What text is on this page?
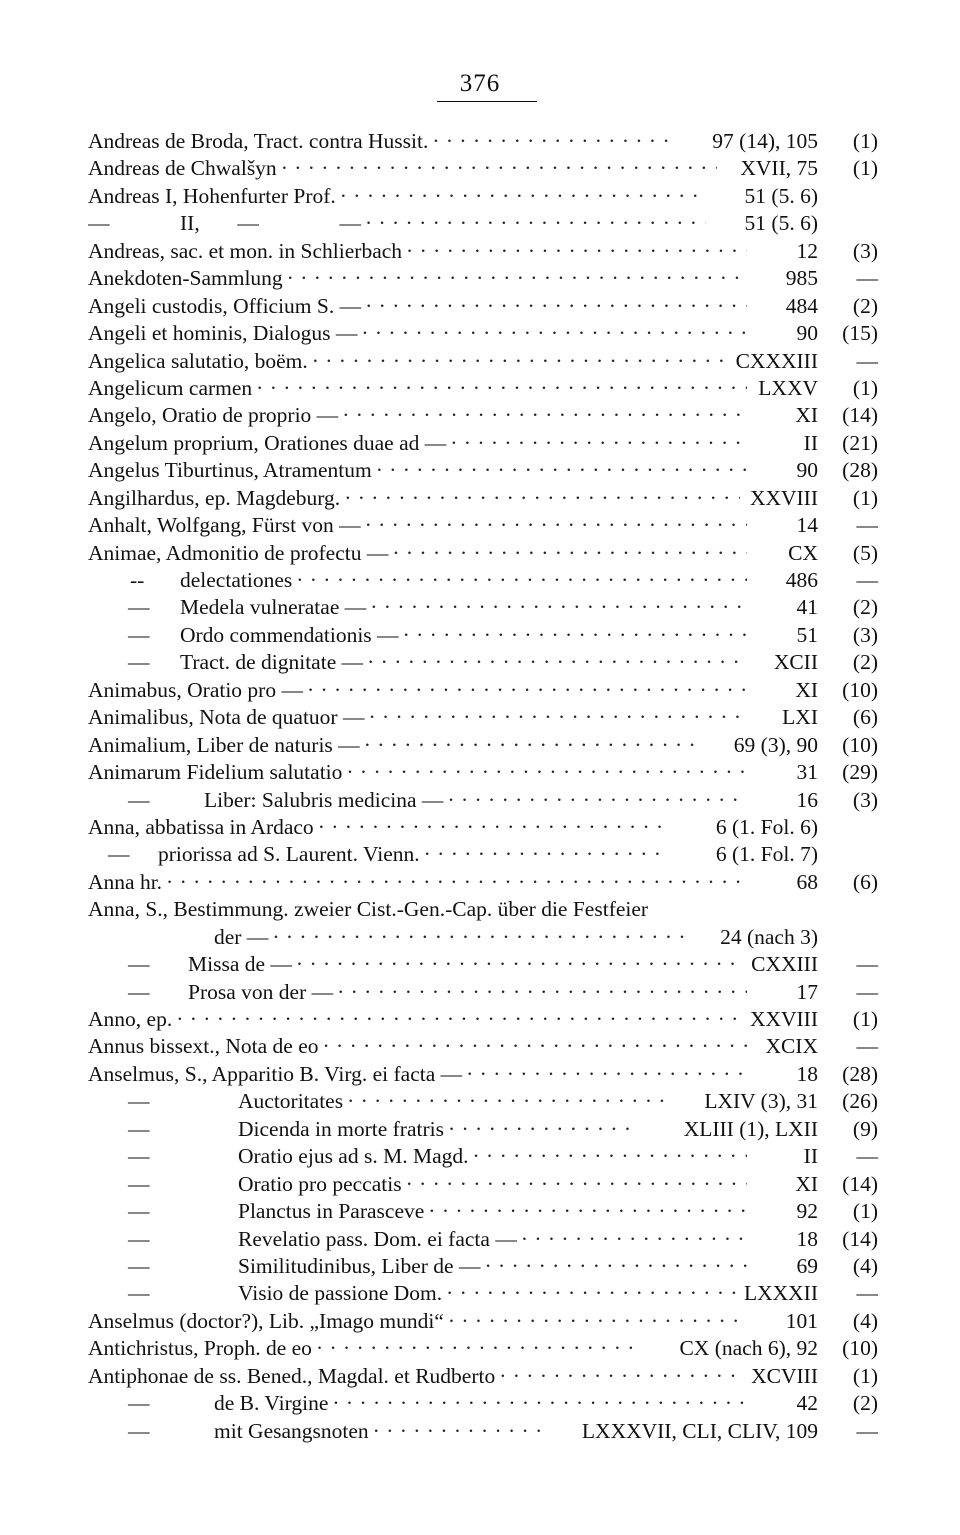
376
Andreas de Broda, Tract. contra Hussit. · · ·	97 (14), 105	(1)
Andreas de Chwalšyn · · ·	XVII, 75	(1)
Andreas I, Hohenfurter Prof. · · ·	51 (5. 6)
—	II,       —               — · · ·	51 (5. 6)
Andreas, sac. et mon. in Schlierbach · · ·	12	(3)
Anekdoten-Sammlung · · ·	985	—
Angeli custodis, Officium S. — · · ·	484	(2)
Angeli et hominis, Dialogus — · · ·	90	(15)
Angelica salutatio, boëm. · · ·	CXXXIII	—
Angelicum carmen · · ·	LXXV	(1)
Angelo, Oratio de proprio — · · ·	XI	(14)
Angelum proprium, Orationes duae ad — · · ·	II	(21)
Angelus Tiburtinus, Atramentum · · ·	90	(28)
Angilhardus, ep. Magdeburg. · · ·	XXVIII	(1)
Anhalt, Wolfgang, Fürst von — · · ·	14	—
Animae, Admonitio de profectu — · · ·	CX	(5)
--	delectationes · · ·	486	—
—	Medela vulneratae — · · ·	41	(2)
—	Ordo commendationis — · · ·	51	(3)
—	Tract. de dignitate — · · ·	XCII	(2)
Animabus, Oratio pro — · · ·	XI	(10)
Animalibus, Nota de quatuor — · · ·	LXI	(6)
Animalium, Liber de naturis — · · ·	69 (3), 90	(10)
Animarum Fidelium salutatio · · ·	31	(29)
—	Liber: Salubris medicina — · · ·	16	(3)
Anna, abbatissa in Ardaco · · ·	6 (1. Fol. 6)
—	priorissa ad S. Laurent. Vienn. · · ·	6 (1. Fol. 7)
Anna hr. · · ·	68	(6)
Anna, S., Bestimmung. zweier Cist.-Gen.-Cap. über die Festfeier
der — · · ·	24 (nach 3)
—	Missa de — · · ·	CXXIII	—
—	Prosa von der — · · ·	17	—
Anno, ep. · · ·	XXVIII	(1)
Annus bissext., Nota de eo · · ·	XCIX	—
Anselmus, S., Apparitio B. Virg. ei facta — · · ·	18	(28)
—	Auctoritates · · ·	LXIV (3), 31	(26)
—	Dicenda in morte fratris · · ·	XLIII (1), LXII	(9)
—	Oratio ejus ad s. M. Magd. · · ·	II	—
—	Oratio pro peccatis · · ·	XI	(14)
—	Planctus in Parasceve · · ·	92	(1)
—	Revelatio pass. Dom. ei facta — · · ·	18	(14)
—	Similitudinibus, Liber de — · · ·	69	(4)
—	Visio de passione Dom. · · ·	LXXXII	—
Anselmus (doctor?), Lib. „Imago mundi“ · · ·	101	(4)
Antichristus, Proph. de eo · · ·	CX (nach 6), 92	(10)
Antiphonae de ss. Bened., Magdal. et Rudberto · · ·	XCVIII	(1)
—	de B. Virgine · · ·	42	(2)
—	mit Gesangsnoten · · ·	LXXXVII, CLI, CLIV, 109	—
